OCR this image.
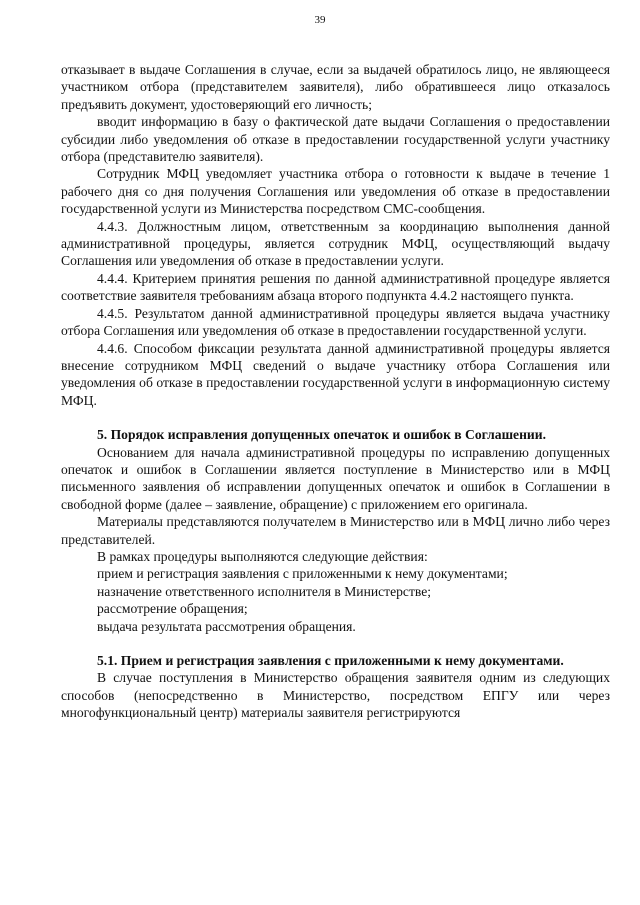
39

отказывает в выдаче Соглашения в случае, если за выдачей обратилось лицо, не являющееся участником отбора (представителем заявителя), либо обратившееся лицо отказалось предъявить документ, удостоверяющий его личность;

вводит информацию в базу о фактической дате выдачи Соглашения о предоставлении субсидии либо уведомления об отказе в предоставлении государственной услуги участнику отбора (представителю заявителя).

Сотрудник МФЦ уведомляет участника отбора о готовности к выдаче в течение 1 рабочего дня со дня получения Соглашения или уведомления об отказе в предоставлении государственной услуги из Министерства посредством СМС-сообщения.

4.4.3. Должностным лицом, ответственным за координацию выполнения данной административной процедуры, является сотрудник МФЦ, осуществляющий выдачу Соглашения или уведомления об отказе в предоставлении услуги.

4.4.4. Критерием принятия решения по данной административной процедуре является соответствие заявителя требованиям абзаца второго подпункта 4.4.2 настоящего пункта.

4.4.5. Результатом данной административной процедуры является выдача участнику отбора Соглашения или уведомления об отказе в предоставлении государственной услуги.

4.4.6. Способом фиксации результата данной административной процедуры является внесение сотрудником МФЦ сведений о выдаче участнику отбора Соглашения или уведомления об отказе в предоставлении государственной услуги в информационную систему МФЦ.

5. Порядок исправления допущенных опечаток и ошибок в Соглашении.

Основанием для начала административной процедуры по исправлению допущенных опечаток и ошибок в Соглашении является поступление в Министерство или в МФЦ письменного заявления об исправлении допущенных опечаток и ошибок в Соглашении в свободной форме (далее – заявление, обращение) с приложением его оригинала.

Материалы представляются получателем в Министерство или в МФЦ лично либо через представителей.

В рамках процедуры выполняются следующие действия:

прием и регистрация заявления с приложенными к нему документами;

назначение ответственного исполнителя в Министерстве;

рассмотрение обращения;

выдача результата рассмотрения обращения.

5.1. Прием и регистрация заявления с приложенными к нему документами.

В случае поступления в Министерство обращения заявителя одним из следующих способов (непосредственно в Министерство, посредством ЕПГУ или через многофункциональный центр) материалы заявителя регистрируются
